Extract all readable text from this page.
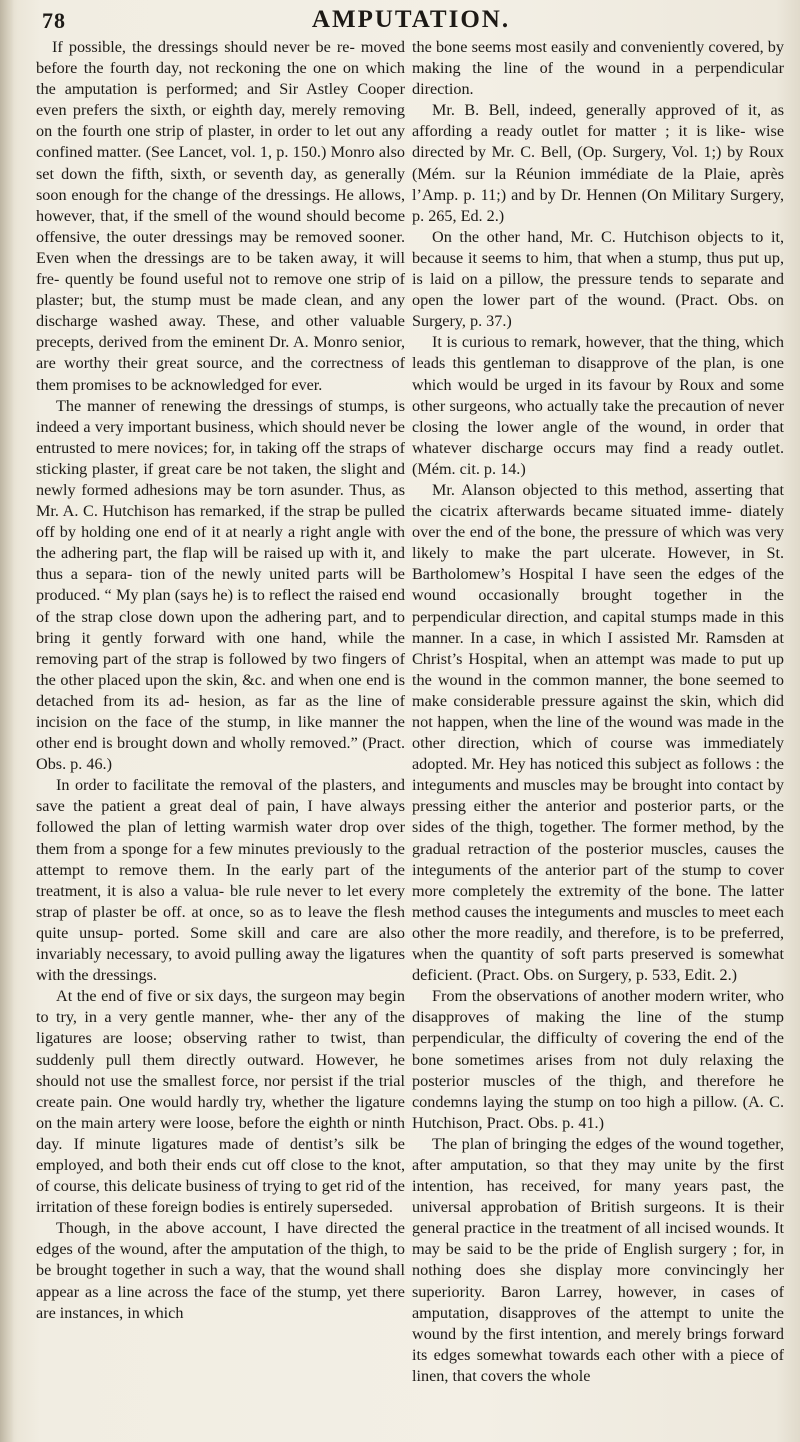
78	AMPUTATION.

If possible, the dressings should never be re- moved before the fourth day, not reckoning the one on which the amputation is performed; and Sir Astley Cooper even prefers the sixth, or eighth day, merely removing on the fourth one strip of plaster, in order to let out any confined matter. (See Lancet, vol. 1, p. 150.) Monro also set down the fifth, sixth, or seventh day, as generally soon enough for the change of the dressings. He allows, however, that, if the smell of the wound should become offensive, the outer dressings may be removed sooner. Even when the dressings are to be taken away, it will fre- quently be found useful not to remove one strip of plaster; but, the stump must be made clean, and any discharge washed away. These, and other valuable precepts, derived from the eminent Dr. A. Monro senior, are worthy their great source, and the correctness of them promises to be acknowledged for ever.

The manner of renewing the dressings of stumps, is indeed a very important business, which should never be entrusted to mere novices; for, in taking off the straps of sticking plaster, if great care be not taken, the slight and newly formed adhesions may be torn asunder. Thus, as Mr. A. C. Hutchison has remarked, if the strap be pulled off by holding one end of it at nearly a right angle with the adhering part, the flap will be raised up with it, and thus a separa- tion of the newly united parts will be produced. “ My plan (says he) is to reflect the raised end of the strap close down upon the adhering part, and to bring it gently forward with one hand, while the removing part of the strap is followed by two fingers of the other placed upon the skin, &c. and when one end is detached from its ad- hesion, as far as the line of incision on the face of the stump, in like manner the other end is brought down and wholly removed.” (Pract. Obs. p. 46.)

In order to facilitate the removal of the plasters, and save the patient a great deal of pain, I have always followed the plan of letting warmish water drop over them from a sponge for a few minutes previously to the attempt to remove them. In the early part of the treatment, it is also a valua- ble rule never to let every strap of plaster be off. at once, so as to leave the flesh quite unsup- ported. Some skill and care are also invariably necessary, to avoid pulling away the ligatures with the dressings.

At the end of five or six days, the surgeon may begin to try, in a very gentle manner, whe- ther any of the ligatures are loose; observing rather to twist, than suddenly pull them directly outward. However, he should not use the smallest force, nor persist if the trial create pain. One would hardly try, whether the ligature on the main artery were loose, before the eighth or ninth day. If minute ligatures made of dentist’s silk be employed, and both their ends cut off close to the knot, of course, this delicate business of trying to get rid of the irritation of these foreign bodies is entirely superseded.

Though, in the above account, I have directed the edges of the wound, after the amputation of the thigh, to be brought together in such a way, that the wound shall appear as a line across the face of the stump, yet there are instances, in which

the bone seems most easily and conveniently covered, by making the line of the wound in a perpendicular direction.

Mr. B. Bell, indeed, generally approved of it, as affording a ready outlet for matter ; it is like- wise directed by Mr. C. Bell, (Op. Surgery, Vol. 1;) by Roux (Mém. sur la Réunion immédiate de la Plaie, après l’Amp. p. 11;) and by Dr. Hennen (On Military Surgery, p. 265, Ed. 2.)

On the other hand, Mr. C. Hutchison objects to it, because it seems to him, that when a stump, thus put up, is laid on a pillow, the pressure tends to separate and open the lower part of the wound. (Pract. Obs. on Surgery, p. 37.)

It is curious to remark, however, that the thing, which leads this gentleman to disapprove of the plan, is one which would be urged in its favour by Roux and some other surgeons, who actually take the precaution of never closing the lower angle of the wound, in order that whatever discharge occurs may find a ready outlet. (Mém. cit. p. 14.)

Mr. Alanson objected to this method, asserting that the cicatrix afterwards became situated imme- diately over the end of the bone, the pressure of which was very likely to make the part ulcerate. However, in St. Bartholomew’s Hospital I have seen the edges of the wound occasionally brought together in the perpendicular direction, and capital stumps made in this manner. In a case, in which I assisted Mr. Ramsden at Christ’s Hospital, when an attempt was made to put up the wound in the common manner, the bone seemed to make considerable pressure against the skin, which did not happen, when the line of the wound was made in the other direction, which of course was immediately adopted. Mr. Hey has noticed this subject as follows : the integuments and muscles may be brought into contact by pressing either the anterior and posterior parts, or the sides of the thigh, together. The former method, by the gradual retraction of the posterior muscles, causes the integuments of the anterior part of the stump to cover more completely the extremity of the bone. The latter method causes the integuments and muscles to meet each other the more readily, and therefore, is to be preferred, when the quantity of soft parts preserved is somewhat deficient. (Pract. Obs. on Surgery, p. 533, Edit. 2.)

From the observations of another modern writer, who disapproves of making the line of the stump perpendicular, the difficulty of covering the end of the bone sometimes arises from not duly relaxing the posterior muscles of the thigh, and therefore he condemns laying the stump on too high a pillow. (A. C. Hutchison, Pract. Obs. p. 41.)

The plan of bringing the edges of the wound together, after amputation, so that they may unite by the first intention, has received, for many years past, the universal approbation of British surgeons. It is their general practice in the treatment of all incised wounds. It may be said to be the pride of English surgery ; for, in nothing does she display more convincingly her superiority. Baron Larrey, however, in cases of amputation, disapproves of the attempt to unite the wound by the first intention, and merely brings forward its edges somewhat towards each other with a piece of linen, that covers the whole
